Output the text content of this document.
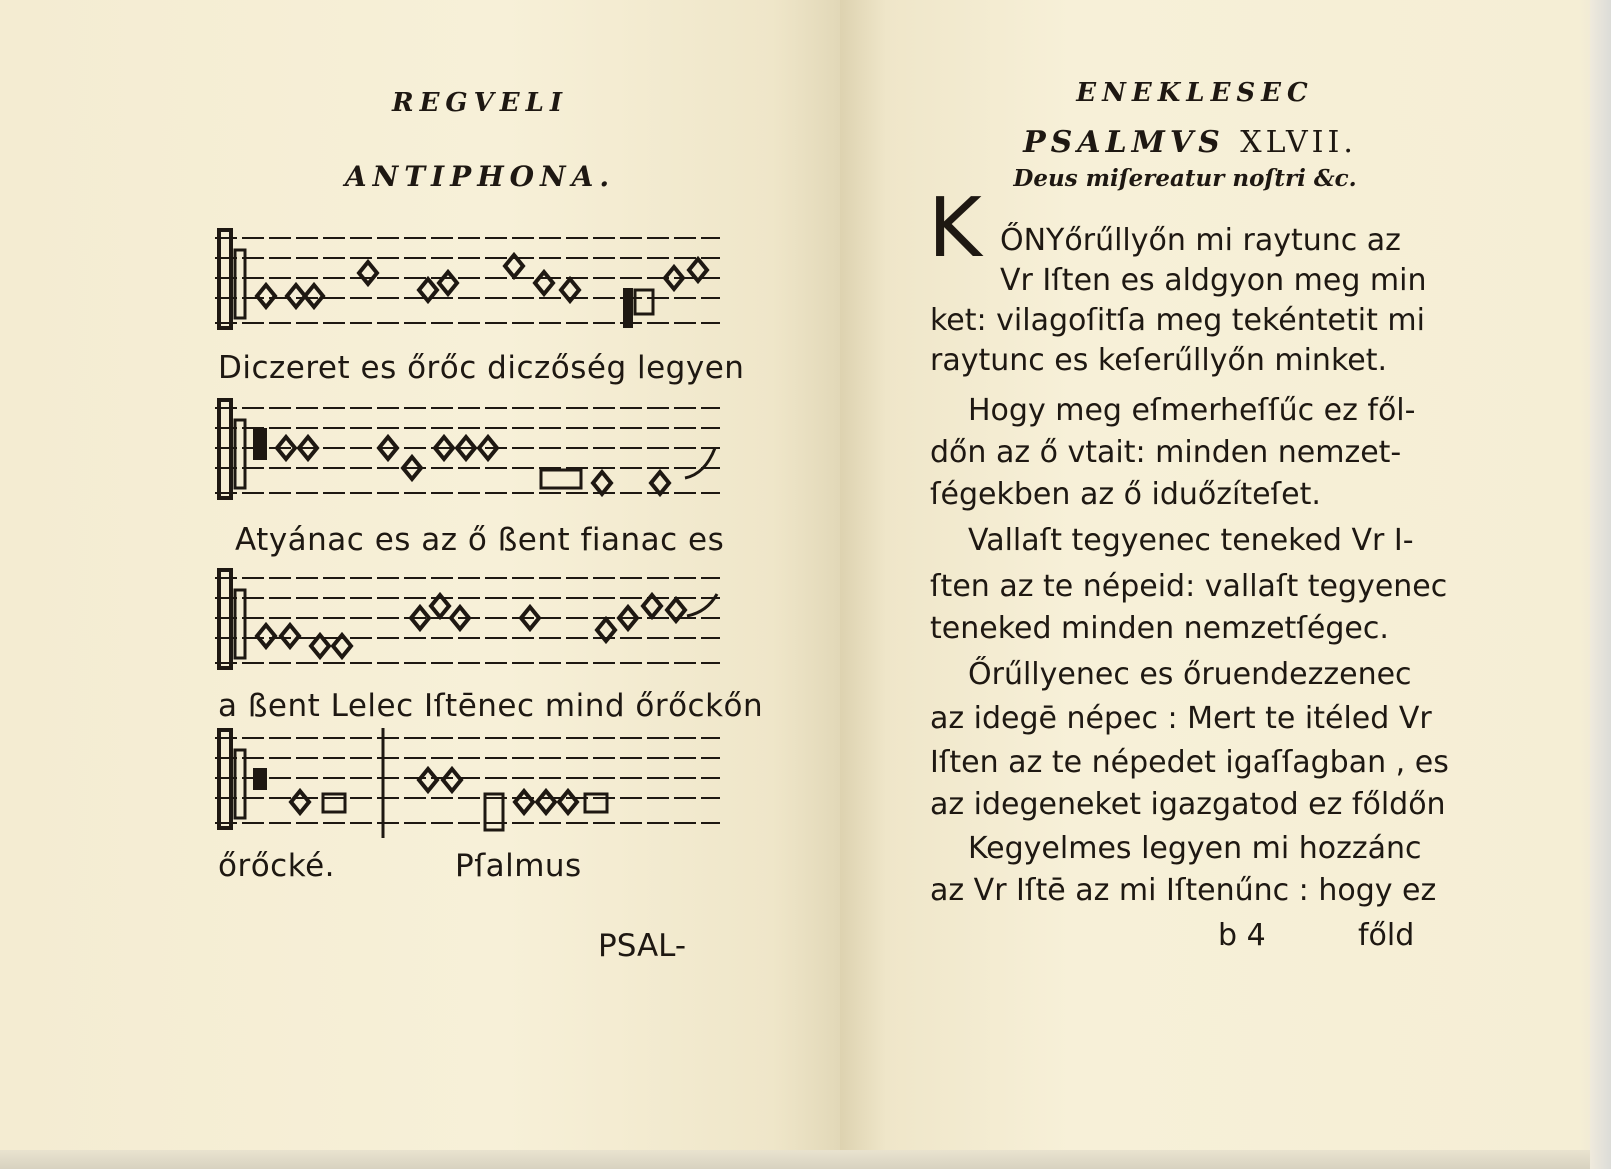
REGVELI
ANTIPHONA.
Diczeret es őrőc diczőség legyen
Atyánac es az ő ßent fianac es
a ßent Lelec Iſtēnec mind őrőckőn
őrőcké.	Pſalmus
PSAL-
ENEKLESEC
PSALMVS XLVII.
Deus miſereatur noſtri &c.
K ŐNYőrűllyőn mi raytunc az
Vr Iſten es aldgyon meg min
ket: vilagoſitſa meg tekéntetit mi
raytunc es keſerűllyőn minket.
Hogy meg eſmerheſſűc ez fől-
dőn az ő vtait: minden nemzet-
ſégekben az ő iduőzíteſet.
Vallaſt tegyenec teneked Vr I-
ſten az te népeid: vallaſt tegyenec
teneked minden nemzetſégec.
Őrűllyenec es őruendezzenec
az idegē népec : Mert te itéled Vr
Iſten az te népedet igaſſagban , es
az idegeneket igazgatod ez főldőn
Kegyelmes legyen mi hozzánc
az Vr Iſtē az mi Iſtenűnc : hogy ez
b 4	főld
